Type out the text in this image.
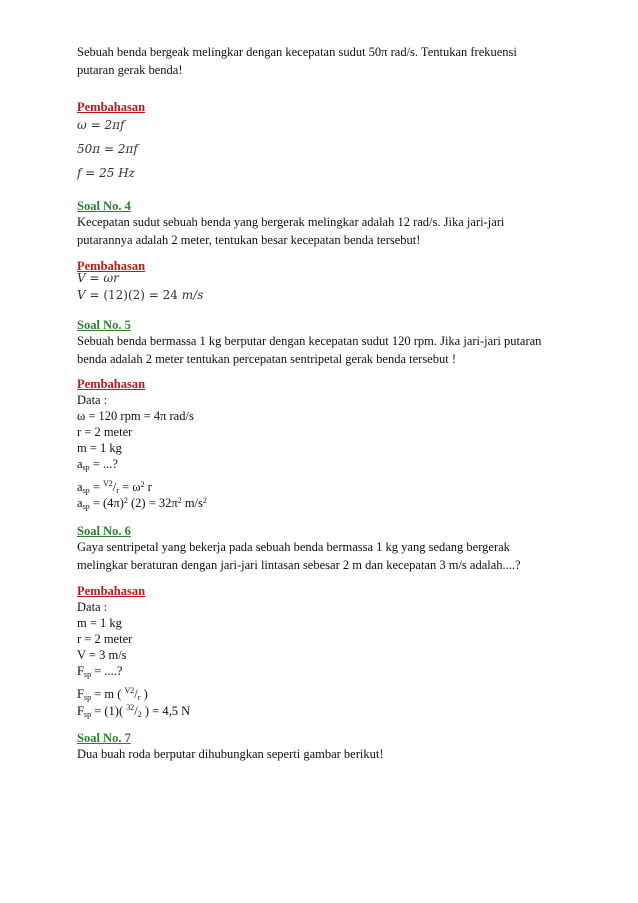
Sebuah benda bergeak melingkar dengan kecepatan sudut 50π rad/s. Tentukan frekuensi
putaran gerak benda!
Pembahasan
ω = 2πf
50π = 2πf
f = 25 Hz
Soal No. 4
Kecepatan sudut sebuah benda yang bergerak melingkar adalah 12 rad/s. Jika jari-jari
putarannya adalah 2 meter, tentukan besar kecepatan benda tersebut!
Pembahasan
V = ωr
V = (12)(2) = 24 m/s
Soal No. 5
Sebuah benda bermassa 1 kg berputar dengan kecepatan sudut 120 rpm. Jika jari-jari putaran
benda adalah 2 meter tentukan percepatan sentripetal gerak benda tersebut !
Pembahasan
Data :
ω = 120 rpm = 4π rad/s
r = 2 meter
m = 1 kg
$a_{sp}$ = ...?
$a_{sp} = ^{V2}/_r = \omega^2$ r
$a_{sp} = (4\pi)^2$ $(2) = 32\pi^2$ $m/s^2$
Soal No. 6
Gaya sentripetal yang bekerja pada sebuah benda bermassa 1 kg yang sedang bergerak
melingkar beraturan dengan jari-jari lintasan sebesar 2 m dan kecepatan 3 m/s adalah....?
Pembahasan
Data :
m = 1 kg
r = 2 meter
V = 3 m/s
$F_{sp}$ = ....?
$F_{sp} = m$ ( $^{V2}/_r$ )
$F_{sp} = (1)$( $^{32}/_2$ ) = 4,5 N
Soal No. 7
Dua buah roda berputar dihubungkan seperti gambar berikut!
